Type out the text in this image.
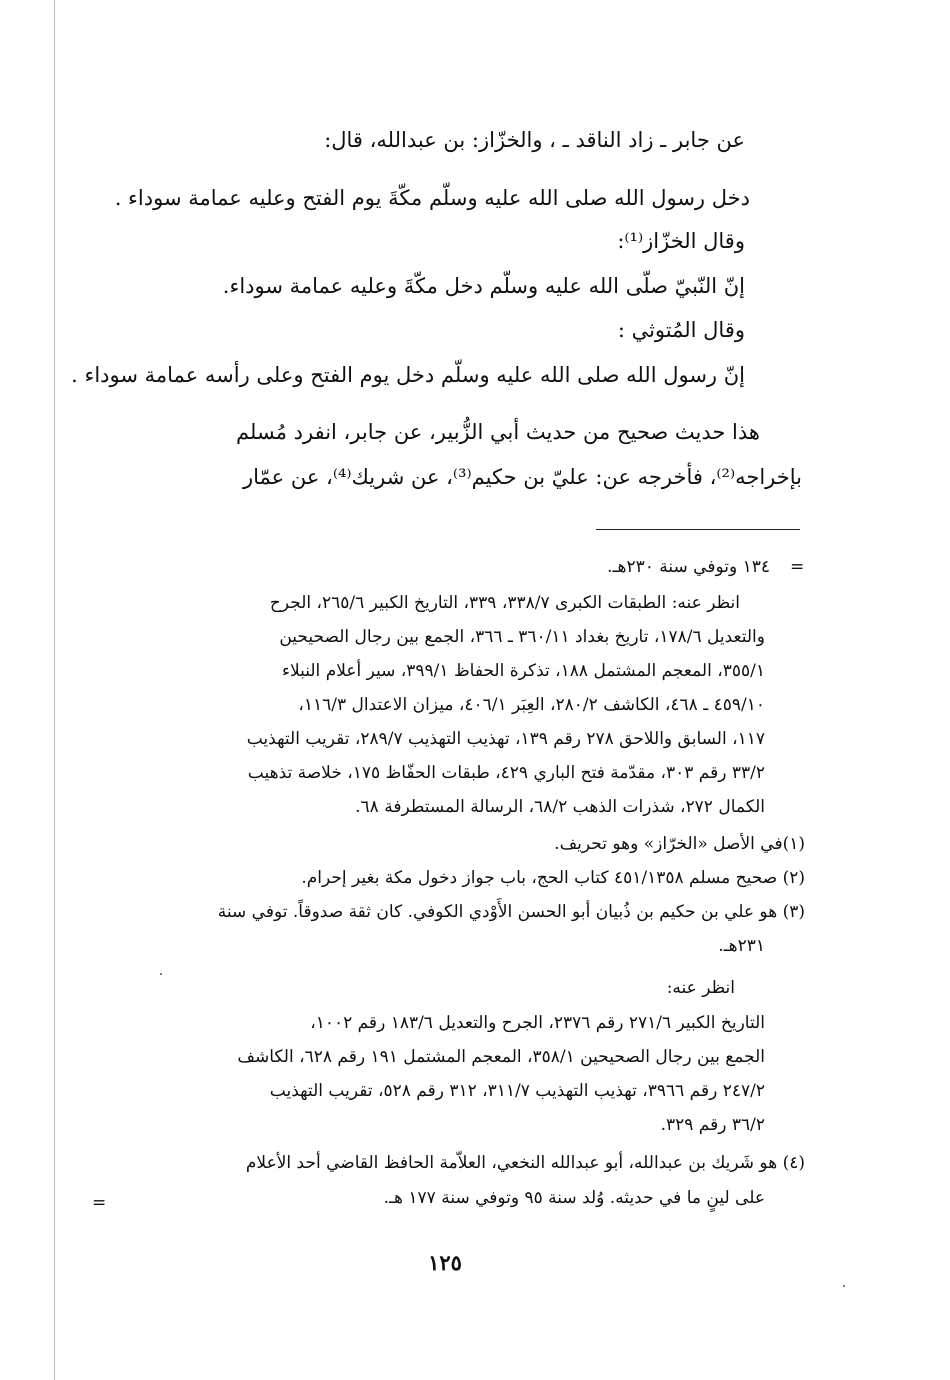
عن جابر ـ زاد الناقد ـ ، والخزّاز: بن عبدالله، قال:
دخل رسول الله صلى الله عليه وسلّم مكّةَ يوم الفتح وعليه عمامة سوداء .
وقال الخزّاز⁽¹⁾:
إنّ النّبيّ صلّى الله عليه وسلّم دخل مكّةَ وعليه عمامة سوداء.
وقال المُتوثي :
إنّ رسول الله صلى الله عليه وسلّم دخل يوم الفتح وعلى رأسه عمامة سوداء .
هذا حديث صحيح من حديث أبي الزُّبير، عن جابر، انفرد مُسلم
بإخراجه⁽²⁾، فأخرجه عن: عليّ بن حكيم⁽³⁾، عن شريك⁽⁴⁾، عن عمّار
=
١٣٤ وتوفي سنة ٢٣٠هـ.
انظر عنه: الطبقات الكبرى ٣٣٨/٧، ٣٣٩، التاريخ الكبير ٢٦٥/٦، الجرح
والتعديل ١٧٨/٦، تاريخ بغداد ٣٦٠/١١ ـ ٣٦٦، الجمع بين رجال الصحيحين
٣٥٥/١، المعجم المشتمل ١٨٨، تذكرة الحفاظ ٣٩٩/١، سير أعلام النبلاء
٤٥٩/١٠ ـ ٤٦٨، الكاشف ٢٨٠/٢، العِبَر ٤٠٦/١، ميزان الاعتدال ١١٦/٣،
١١٧، السابق واللاحق ٢٧٨ رقم ١٣٩، تهذيب التهذيب ٢٨٩/٧، تقريب التهذيب
٣٣/٢ رقم ٣٠٣، مقدّمة فتح الباري ٤٢٩، طبقات الحفّاظ ١٧٥، خلاصة تذهيب
الكمال ٢٧٢، شذرات الذهب ٦٨/٢، الرسالة المستطرفة ٦٨.
(١)في الأصل «الخرّاز» وهو تحريف.
(٢) صحيح مسلم ٤٥١/١٣٥٨ كتاب الحج، باب جواز دخول مكة بغير إحرام.
(٣) هو علي بن حكيم بن ذُبيان أبو الحسن الأَوْدي الكوفي. كان ثقة صدوقاً. توفي سنة
٢٣١هـ.
انظر عنه:
التاريخ الكبير ٢٧١/٦ رقم ٢٣٧٦، الجرح والتعديل ١٨٣/٦ رقم ١٠٠٢،
الجمع بين رجال الصحيحين ٣٥٨/١، المعجم المشتمل ١٩١ رقم ٦٢٨، الكاشف
٢٤٧/٢ رقم ٣٩٦٦، تهذيب التهذيب ٣١١/٧، ٣١٢ رقم ٥٢٨، تقريب التهذيب
٣٦/٢ رقم ٣٢٩.
(٤) هو شَريك بن عبدالله، أبو عبدالله النخعي، العلاّمة الحافظ القاضي أحد الأعلام
على لينٍ ما في حديثه. وُلد سنة ٩٥ وتوفي سنة ١٧٧ هـ.
=
١٢٥
